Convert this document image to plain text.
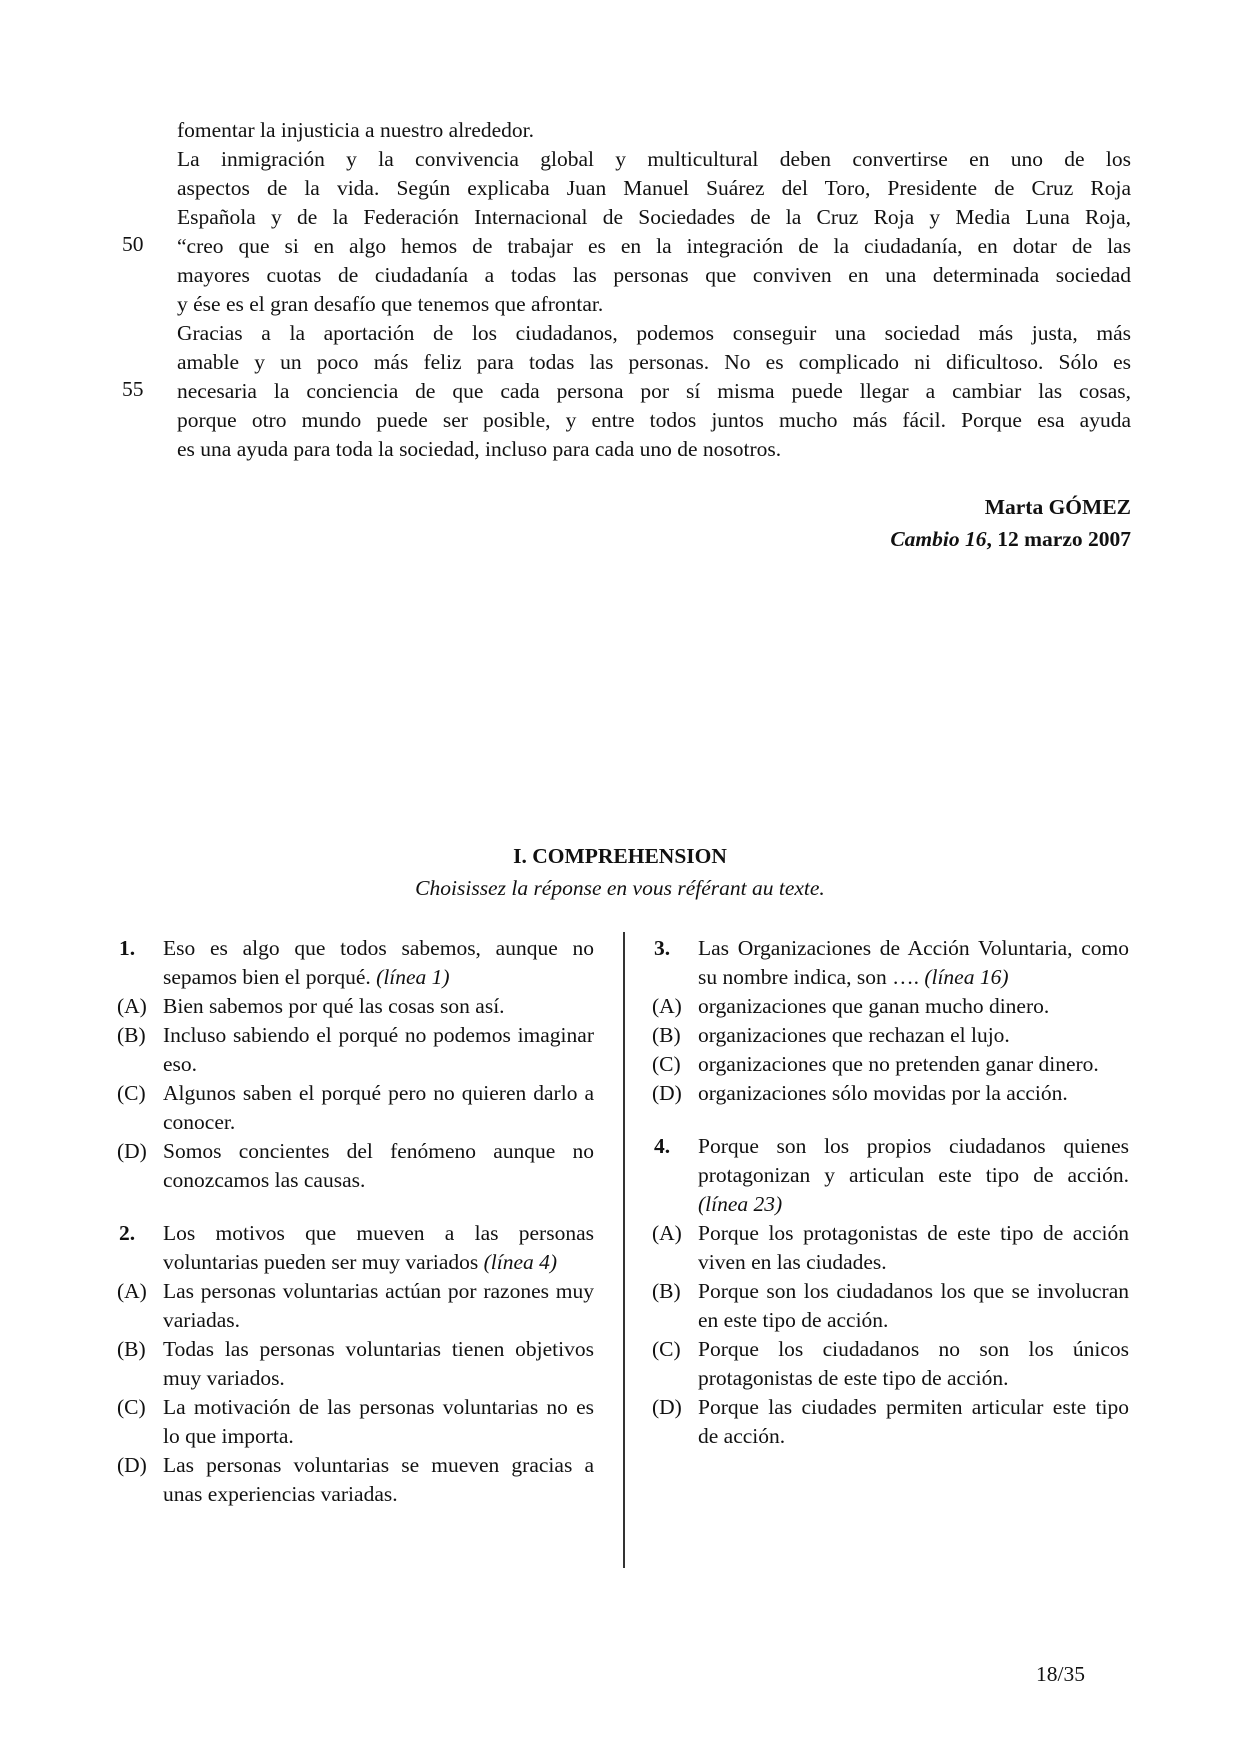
fomentar la injusticia a nuestro alrededor.
La inmigración y la convivencia global y multicultural deben convertirse en uno de los
aspectos de la vida. Según explicaba Juan Manuel Suárez del Toro, Presidente de Cruz Roja
Española y de la Federación Internacional de Sociedades de la Cruz Roja y Media Luna Roja,
“creo que si en algo hemos de trabajar es en la integración de la ciudadanía, en dotar de las
mayores cuotas de ciudadanía a todas las personas que conviven en una determinada sociedad
y ése es el gran desafío que tenemos que afrontar.
Gracias a la aportación de los ciudadanos, podemos conseguir una sociedad más justa, más
amable y un poco más feliz para todas las personas. No es complicado ni dificultoso. Sólo es
necesaria la conciencia de que cada persona por sí misma puede llegar a cambiar las cosas,
porque otro mundo puede ser posible, y entre todos juntos mucho más fácil. Porque esa ayuda
es una ayuda para toda la sociedad, incluso para cada uno de nosotros.
50
55
Marta GÓMEZ
Cambio 16, 12 marzo 2007
I. COMPREHENSION
Choisissez la réponse en vous référant au texte.
1. Eso es algo que todos sabemos, aunque no sepamos bien el porqué. (línea 1)
(A) Bien sabemos por qué las cosas son así.
(B) Incluso sabiendo el porqué no podemos imaginar eso.
(C) Algunos saben el porqué pero no quieren darlo a conocer.
(D) Somos concientes del fenómeno aunque no conozcamos las causas.
2. Los motivos que mueven a las personas voluntarias pueden ser muy variados (línea 4)
(A) Las personas voluntarias actúan por razones muy variadas.
(B) Todas las personas voluntarias tienen objetivos muy variados.
(C) La motivación de las personas voluntarias no es lo que importa.
(D) Las personas voluntarias se mueven gracias a unas experiencias variadas.
3. Las Organizaciones de Acción Voluntaria, como su nombre indica, son …. (línea 16)
(A) organizaciones que ganan mucho dinero.
(B) organizaciones que rechazan el lujo.
(C) organizaciones que no pretenden ganar dinero.
(D) organizaciones sólo movidas por la acción.
4. Porque son los propios ciudadanos quienes protagonizan y articulan este tipo de acción. (línea 23)
(A) Porque los protagonistas de este tipo de acción viven en las ciudades.
(B) Porque son los ciudadanos los que se involucran en este tipo de acción.
(C) Porque los ciudadanos no son los únicos protagonistas de este tipo de acción.
(D) Porque las ciudades permiten articular este tipo de acción.
18/35
